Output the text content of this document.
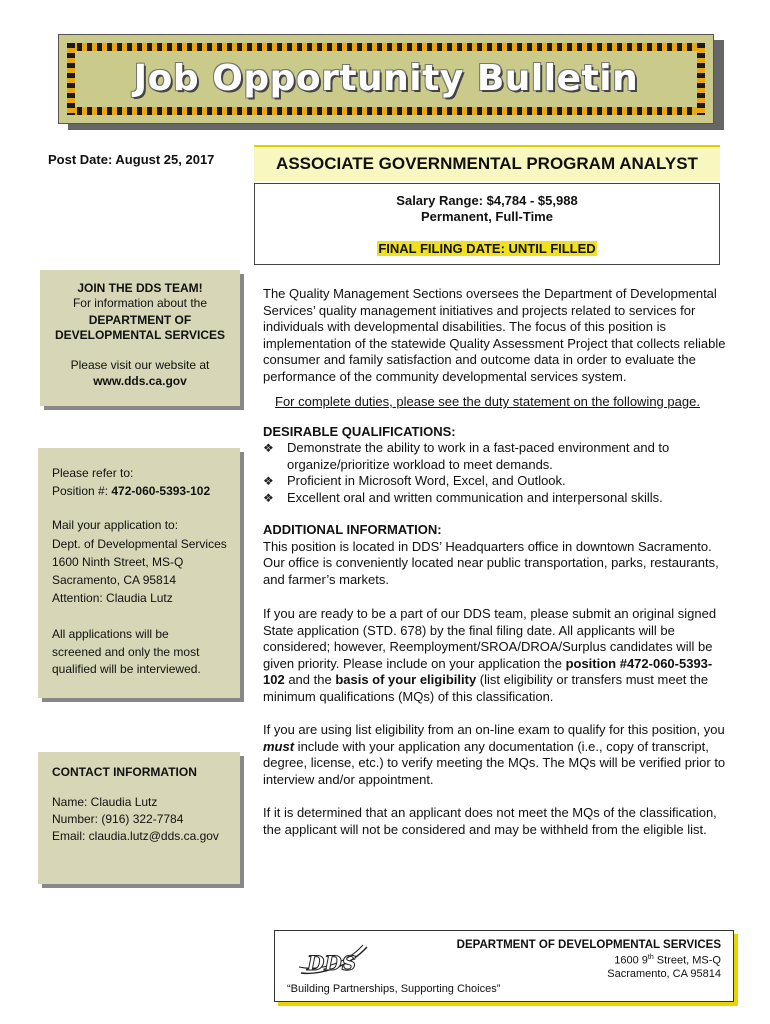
Job Opportunity Bulletin
Post Date: August 25, 2017	ASSOCIATE GOVERNMENTAL PROGRAM ANALYST
Salary Range: $4,784 - $5,988
Permanent, Full-Time
FINAL FILING DATE: UNTIL FILLED
JOIN THE DDS TEAM!
For information about the
DEPARTMENT OF
DEVELOPMENTAL SERVICES
Please visit our website at
www.dds.ca.gov
Please refer to:
Position #: 472-060-5393-102
Mail your application to:
Dept. of Developmental Services
1600 Ninth Street, MS-Q
Sacramento, CA 95814
Attention: Claudia Lutz
All applications will be
screened and only the most
qualified will be interviewed.
CONTACT INFORMATION
Name: Claudia Lutz
Number: (916) 322-7784
Email: claudia.lutz@dds.ca.gov

The Quality Management Sections oversees the Department of Developmental Services’ quality management initiatives and projects related to services for individuals with developmental disabilities. The focus of this position is implementation of the statewide Quality Assessment Project that collects reliable consumer and family satisfaction and outcome data in order to evaluate the performance of the community developmental services system.

For complete duties, please see the duty statement on the following page.

DESIRABLE QUALIFICATIONS:

❖ Demonstrate the ability to work in a fast-paced environment and to organize/prioritize workload to meet demands.
❖ Proficient in Microsoft Word, Excel, and Outlook.
❖ Excellent oral and written communication and interpersonal skills.

ADDITIONAL INFORMATION:

This position is located in DDS’ Headquarters office in downtown Sacramento. Our office is conveniently located near public transportation, parks, restaurants, and farmer’s markets.

If you are ready to be a part of our DDS team, please submit an original signed State application (STD. 678) by the final filing date. All applicants will be considered; however, Reemployment/SROA/DROA/Surplus candidates will be given priority. Please include on your application the position #472-060-5393-102 and the basis of your eligibility (list eligibility or transfers must meet the minimum qualifications (MQs) of this classification.

If you are using list eligibility from an on-line exam to qualify for this position, you must include with your application any documentation (i.e., copy of transcript, degree, license, etc.) to verify meeting the MQs. The MQs will be verified prior to interview and/or appointment.

If it is determined that an applicant does not meet the MQs of the classification, the applicant will not be considered and may be withheld from the eligible list.

DDS
DEPARTMENT OF DEVELOPMENTAL SERVICES
1600 9th Street, MS-Q
Sacramento, CA 95814
“Building Partnerships, Supporting Choices”
